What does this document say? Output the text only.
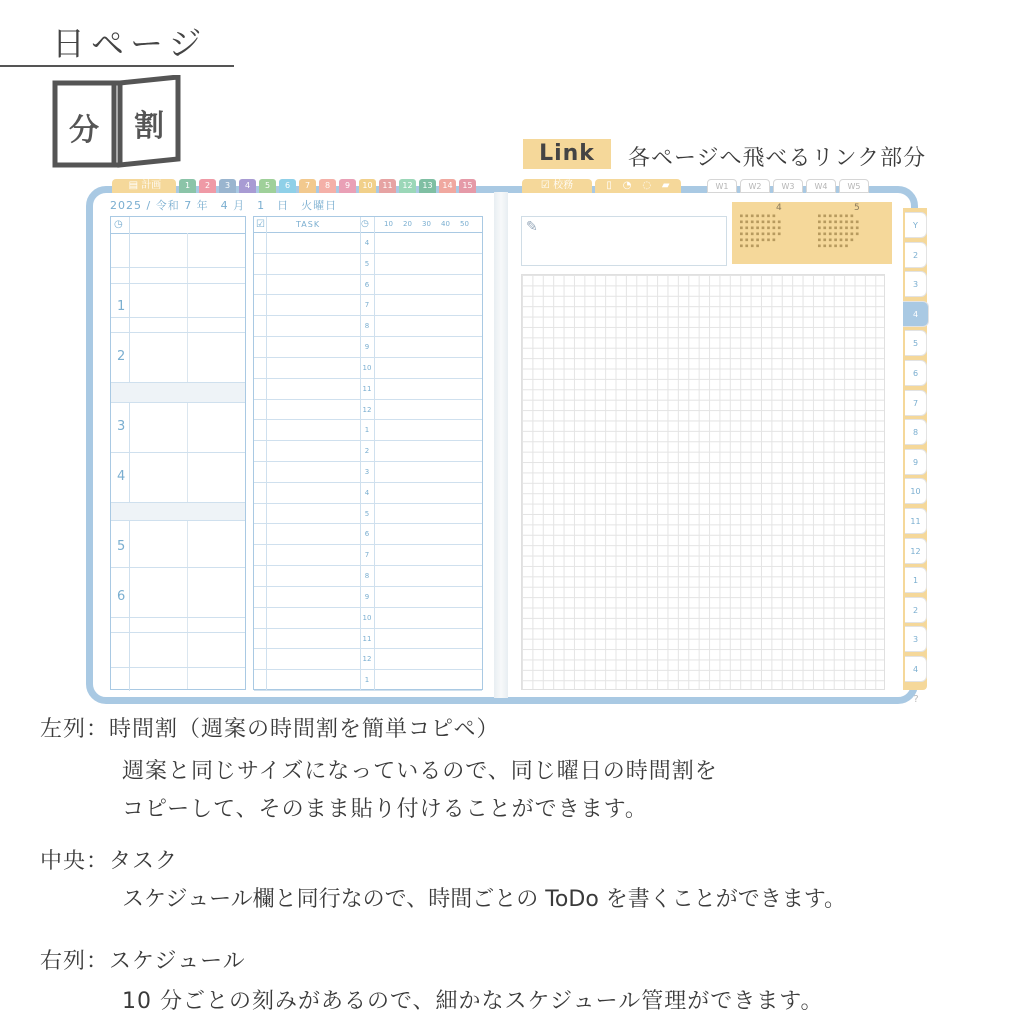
日ページ
分 割
Link	各ページへ飛べるリンク部分
▤ 計画	1	2	3	4	5	6	7	8	9	10	11	12	13	14	15	☑ 校務	▯ ◔ ◌ ▰	W1	W2	W3	W4	W5
2025 / 令和 7 年　4 月　1　日　火曜日
◷
1
2
3
4
5
6
☑	TASK	◷ 10 20 30 40 50
4
5
6
7
8
9
10
11
12
1
2
3
4
5
6
7
8
9
10
11
12
1
✎
4	5
■ ■ ■ ■ ■ ■ ■
■ ■ ■ ■ ■ ■ ■ ■
■ ■ ■ ■ ■ ■ ■ ■
■ ■ ■ ■ ■ ■ ■ ■
■ ■ ■ ■ ■ ■ ■
■ ■ ■ ■
■ ■ ■ ■ ■ ■ ■
■ ■ ■ ■ ■ ■ ■ ■
■ ■ ■ ■ ■ ■ ■ ■
■ ■ ■ ■ ■ ■ ■ ■
■ ■ ■ ■ ■ ■ ■
■ ■ ■ ■ ■ ■
Y
2
3
4
5
6
7
8
9
10
11
12
1
2
3
4
?
左列：時間割（週案の時間割を簡単コピペ）
週案と同じサイズになっているので、同じ曜日の時間割を
コピーして、そのまま貼り付けることができます。
中央：タスク
スケジュール欄と同行なので、時間ごとの ToDo を書くことができます。
右列：スケジュール
10 分ごとの刻みがあるので、細かなスケジュール管理ができます。
